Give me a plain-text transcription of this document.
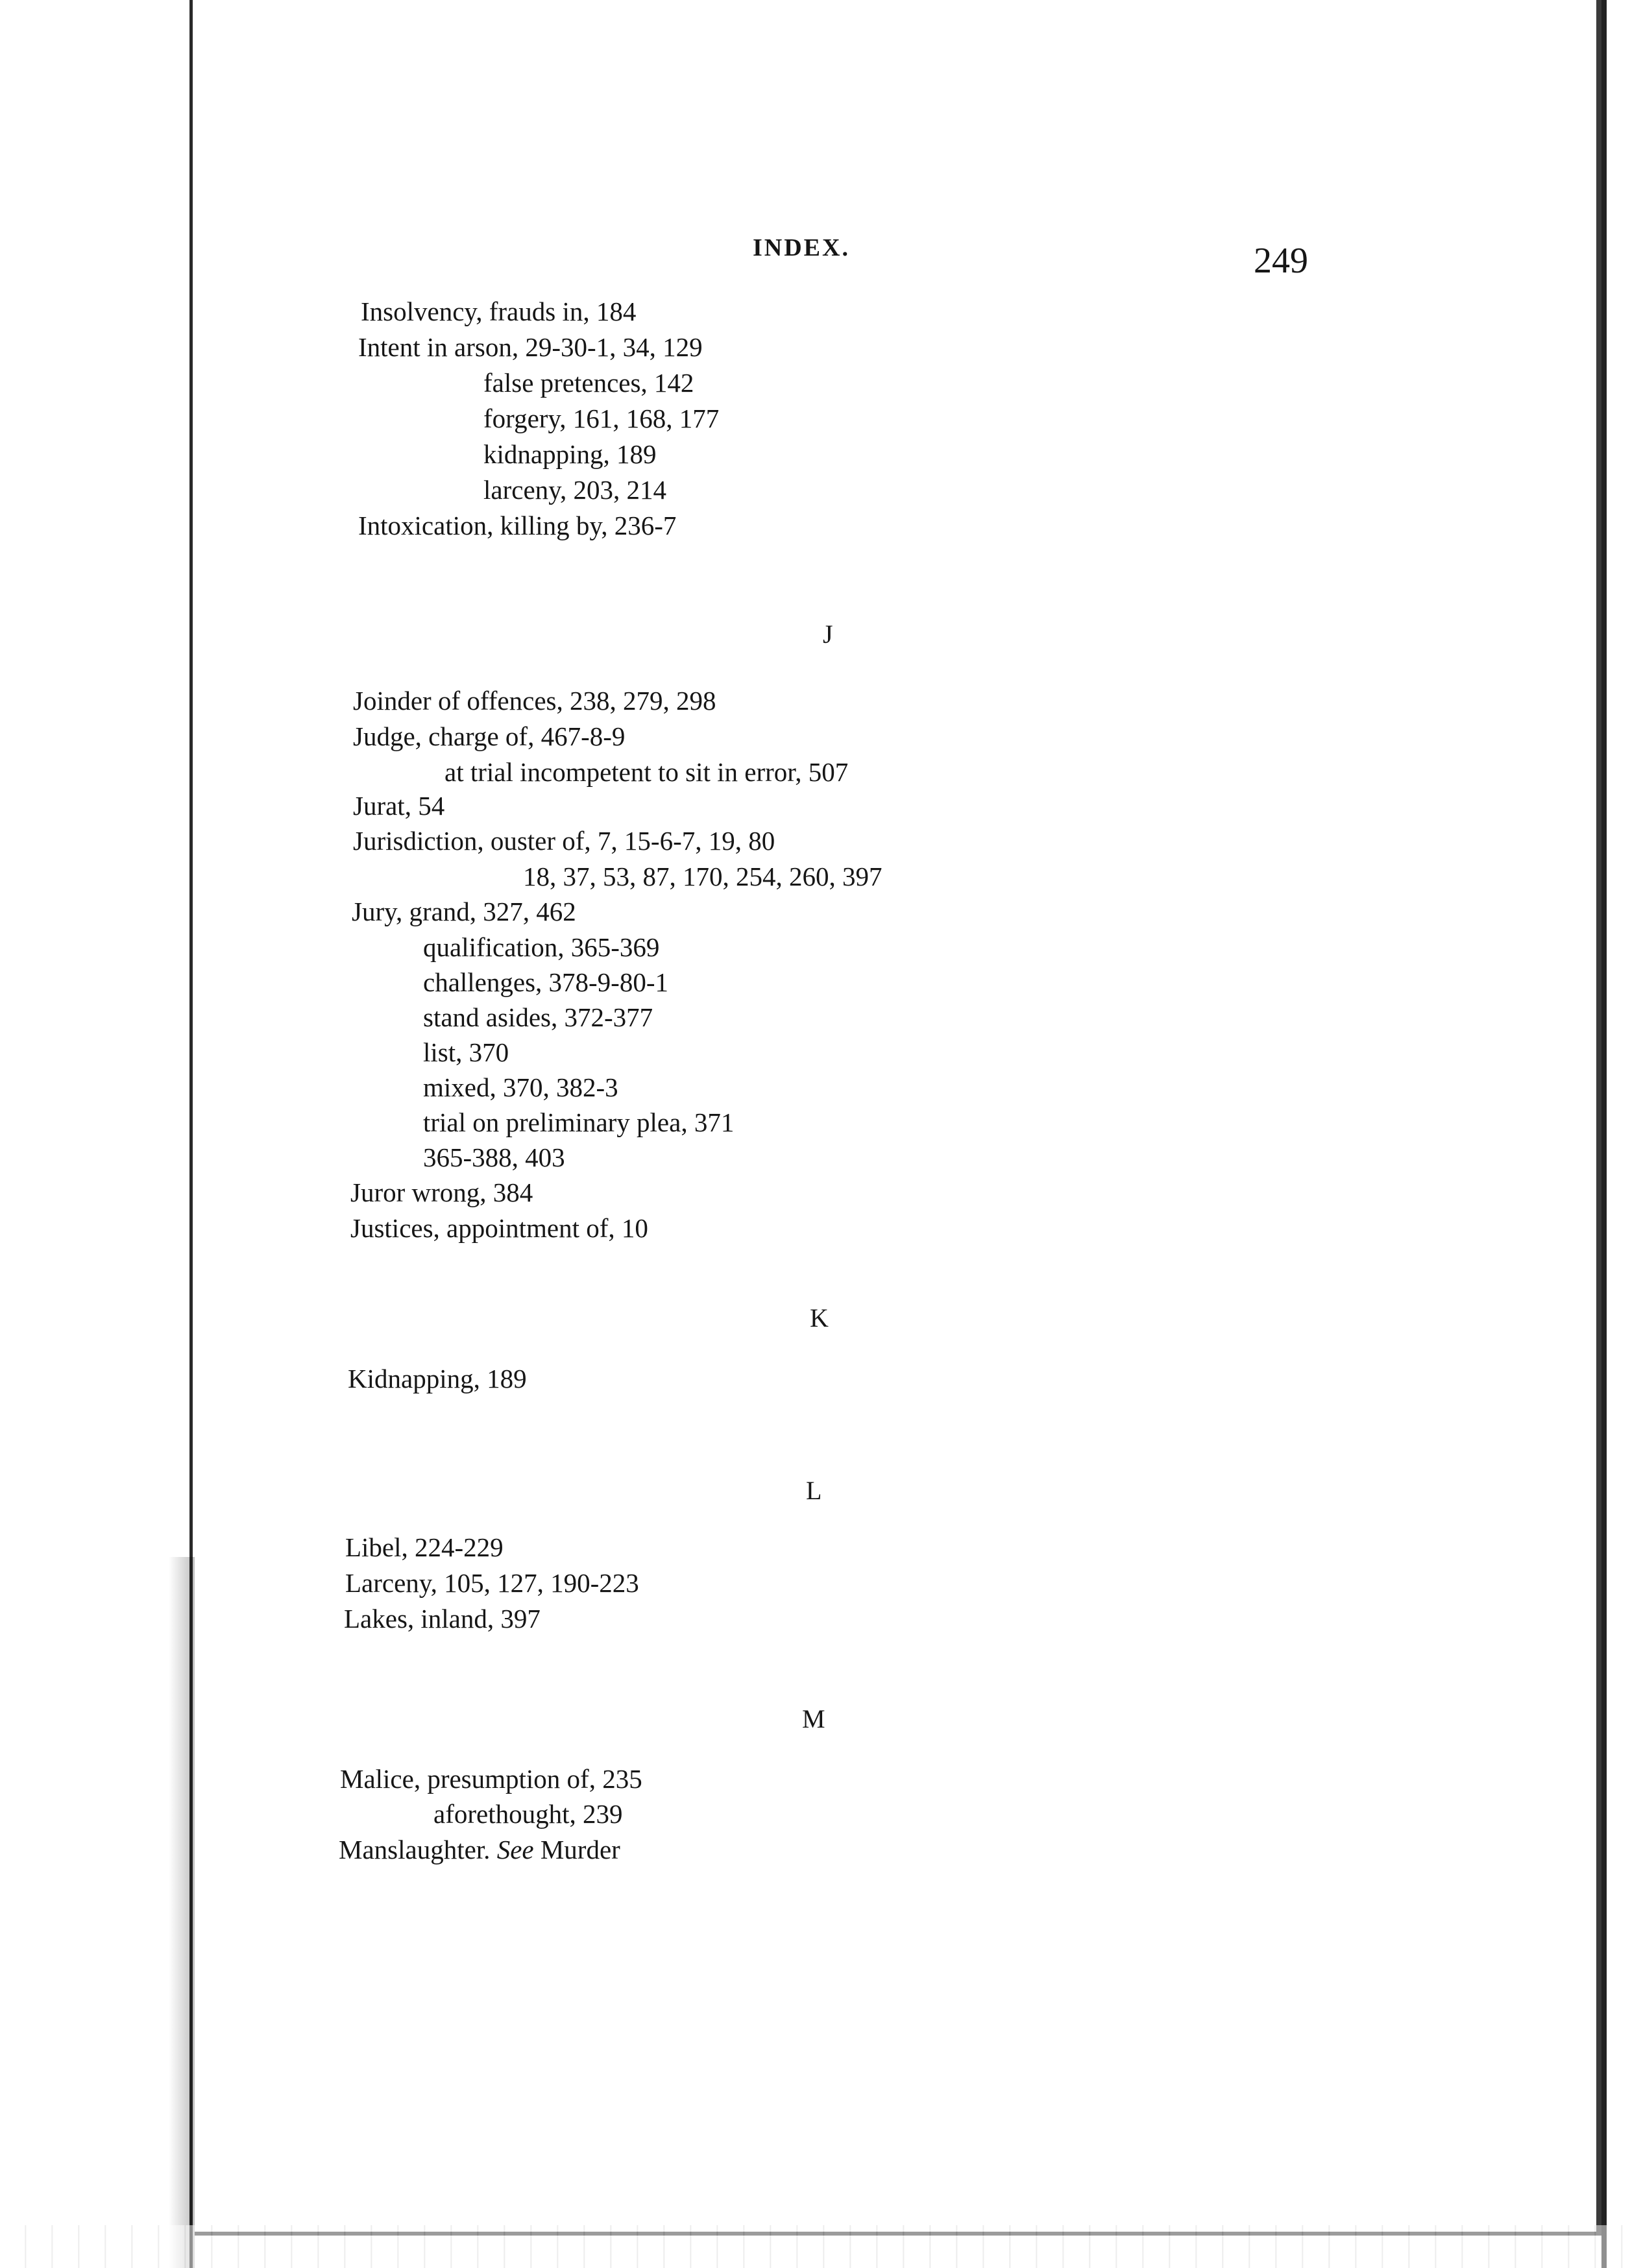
INDEX.	249
Insolvency, frauds in, 184
Intent in arson, 29-30-1, 34, 129
false pretences, 142
forgery, 161, 168, 177
kidnapping, 189
larceny, 203, 214
Intoxication, killing by, 236-7
J
Joinder of offences, 238, 279, 298
Judge, charge of, 467-8-9
at trial incompetent to sit in error, 507
Jurat, 54
Jurisdiction, ouster of, 7, 15-6-7, 19, 80
18, 37, 53, 87, 170, 254, 260, 397
Jury, grand, 327, 462
qualification, 365-369
challenges, 378-9-80-1
stand asides, 372-377
list, 370
mixed, 370, 382-3
trial on preliminary plea, 371
365-388, 403
Juror wrong, 384
Justices, appointment of, 10
K
Kidnapping, 189
L
Libel, 224-229
Larceny, 105, 127, 190-223
Lakes, inland, 397
M
Malice, presumption of, 235
aforethought, 239
Manslaughter. See Murder
